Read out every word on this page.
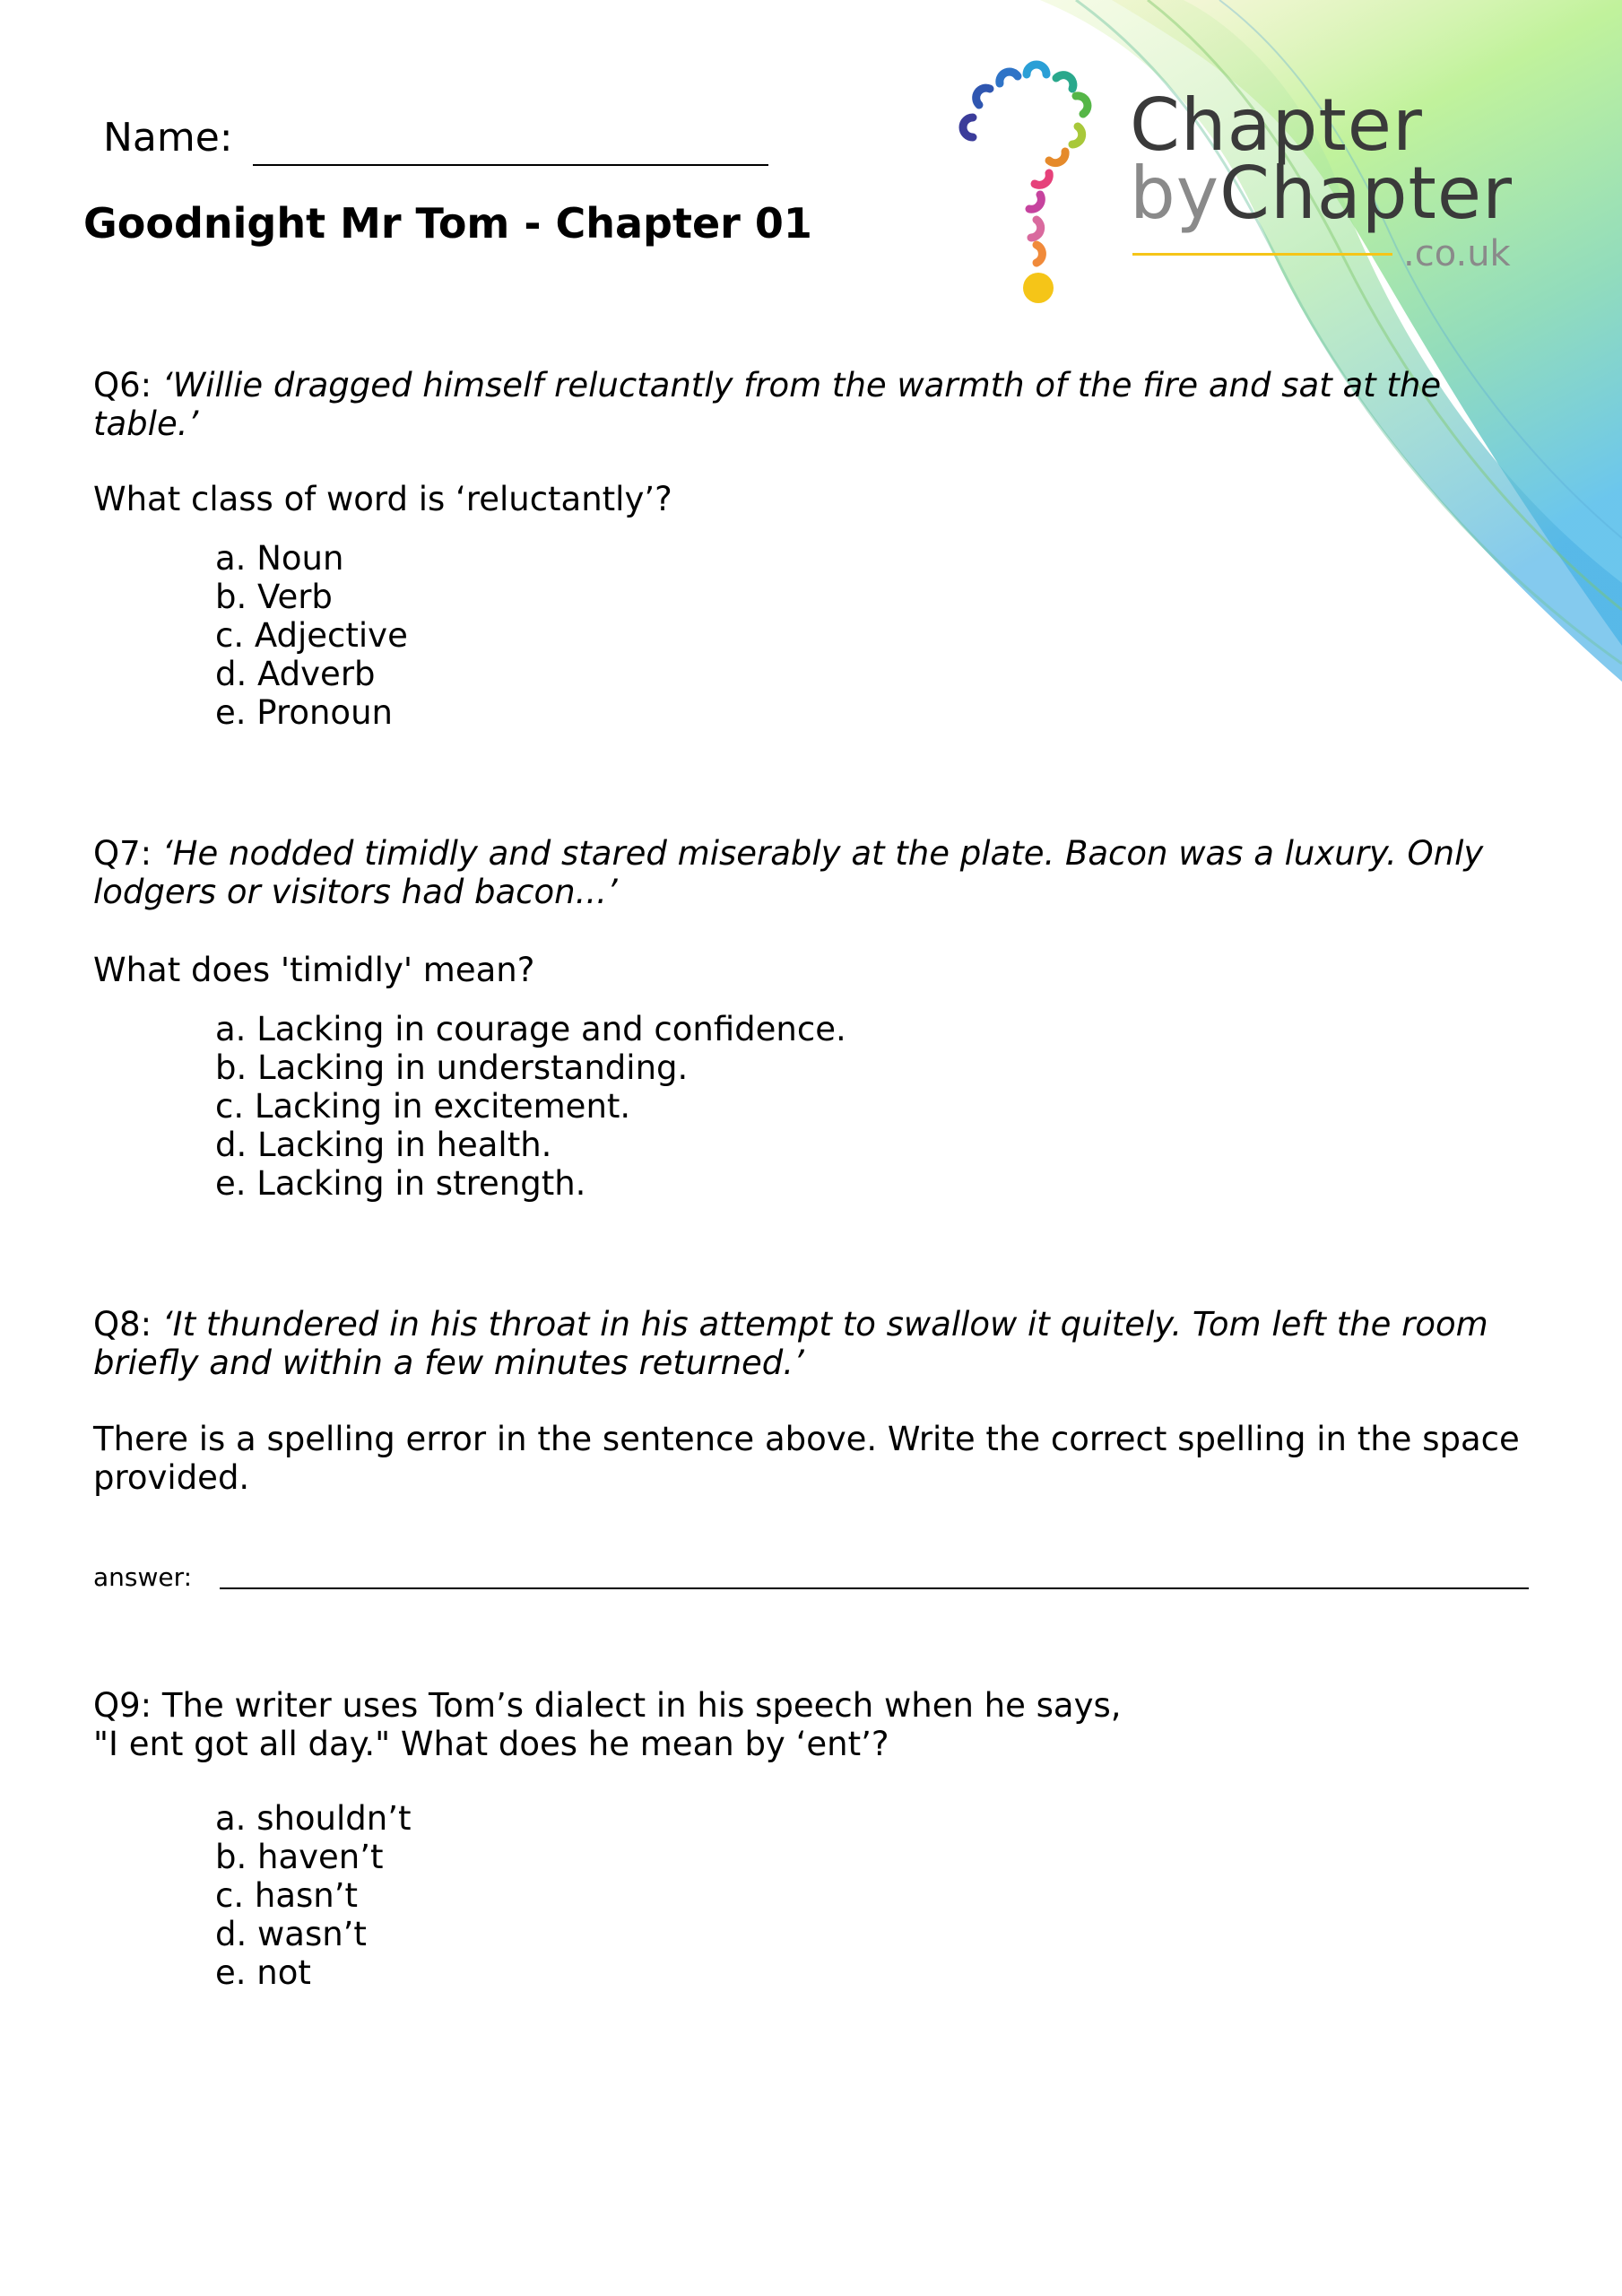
Chapter
byChapter
.co.uk
Name:
Goodnight Mr Tom - Chapter 01
Q6: ‘Willie dragged himself reluctantly from the warmth of the fire and sat at the table.’
What class of word is ‘reluctantly’?
a. Noun
b. Verb
c. Adjective
d. Adverb
e. Pronoun
Q7: ‘He nodded timidly and stared miserably at the plate. Bacon was a luxury. Only lodgers or visitors had bacon...’
What does 'timidly' mean?
a. Lacking in courage and confidence.
b. Lacking in understanding.
c. Lacking in excitement.
d. Lacking in health.
e. Lacking in strength.
Q8: ‘It thundered in his throat in his attempt to swallow it quitely. Tom left the room briefly and within a few minutes returned.’
There is a spelling error in the sentence above. Write the correct spelling in the space provided.
answer:
Q9: The writer uses Tom’s dialect in his speech when he says,
"I ent got all day." What does he mean by ‘ent’?
a. shouldn’t
b. haven’t
c. hasn’t
d. wasn’t
e. not
